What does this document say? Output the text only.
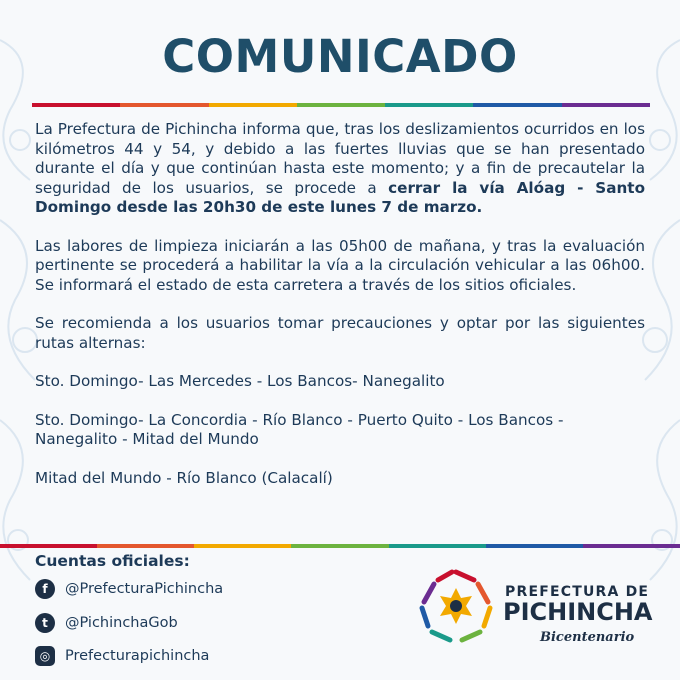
COMUNICADO

La Prefectura de Pichincha informa que, tras los deslizamientos ocurridos en los kilómetros 44 y 54, y debido a las fuertes lluvias que se han presentado durante el día y que continúan hasta este momento; y a fin de precautelar la seguridad de los usuarios, se procede a cerrar la vía Alóag - Santo Domingo desde las 20h30 de este lunes 7 de marzo.

Las labores de limpieza iniciarán a las 05h00 de mañana, y tras la evaluación pertinente se procederá a habilitar la vía a la circulación vehicular a las 06h00. Se informará el estado de esta carretera a través de los sitios oficiales.

Se recomienda a los usuarios tomar precauciones y optar por las siguientes rutas alternas:

Sto. Domingo- Las Mercedes - Los Bancos- Nanegalito

Sto. Domingo- La Concordia - Río Blanco - Puerto Quito - Los Bancos - Nanegalito - Mitad del Mundo

Mitad del Mundo - Río Blanco (Calacalí)

Cuentas oficiales:
f	@PrefecturaPichincha
t	@PichinchaGob
◎	Prefecturapichincha
PREFECTURA DE
PICHINCHA
Bicentenario
